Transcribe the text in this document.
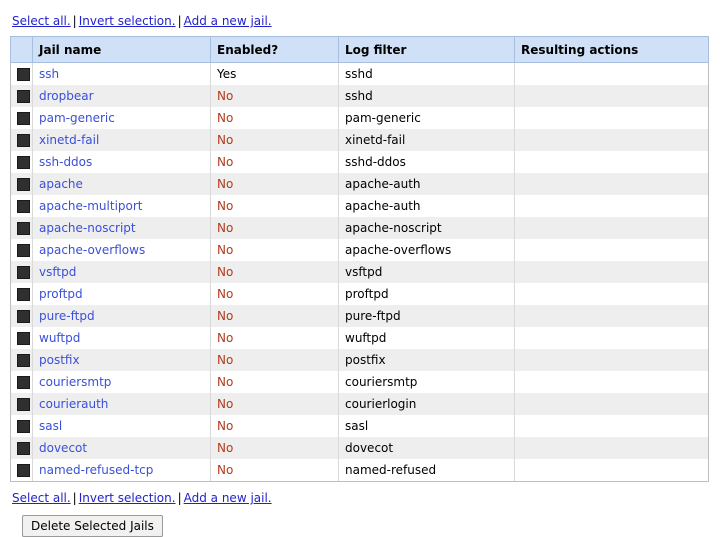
Select all. | Invert selection. | Add a new jail.
	Jail name	Enabled?	Log filter	Resulting actions
	ssh	Yes	sshd	
	dropbear	No	sshd	
	pam-generic	No	pam-generic	
	xinetd-fail	No	xinetd-fail	
	ssh-ddos	No	sshd-ddos	
	apache	No	apache-auth	
	apache-multiport	No	apache-auth	
	apache-noscript	No	apache-noscript	
	apache-overflows	No	apache-overflows	
	vsftpd	No	vsftpd	
	proftpd	No	proftpd	
	pure-ftpd	No	pure-ftpd	
	wuftpd	No	wuftpd	
	postfix	No	postfix	
	couriersmtp	No	couriersmtp	
	courierauth	No	courierlogin	
	sasl	No	sasl	
	dovecot	No	dovecot	
	named-refused-tcp	No	named-refused	
Select all. | Invert selection. | Add a new jail.
Delete Selected Jails
